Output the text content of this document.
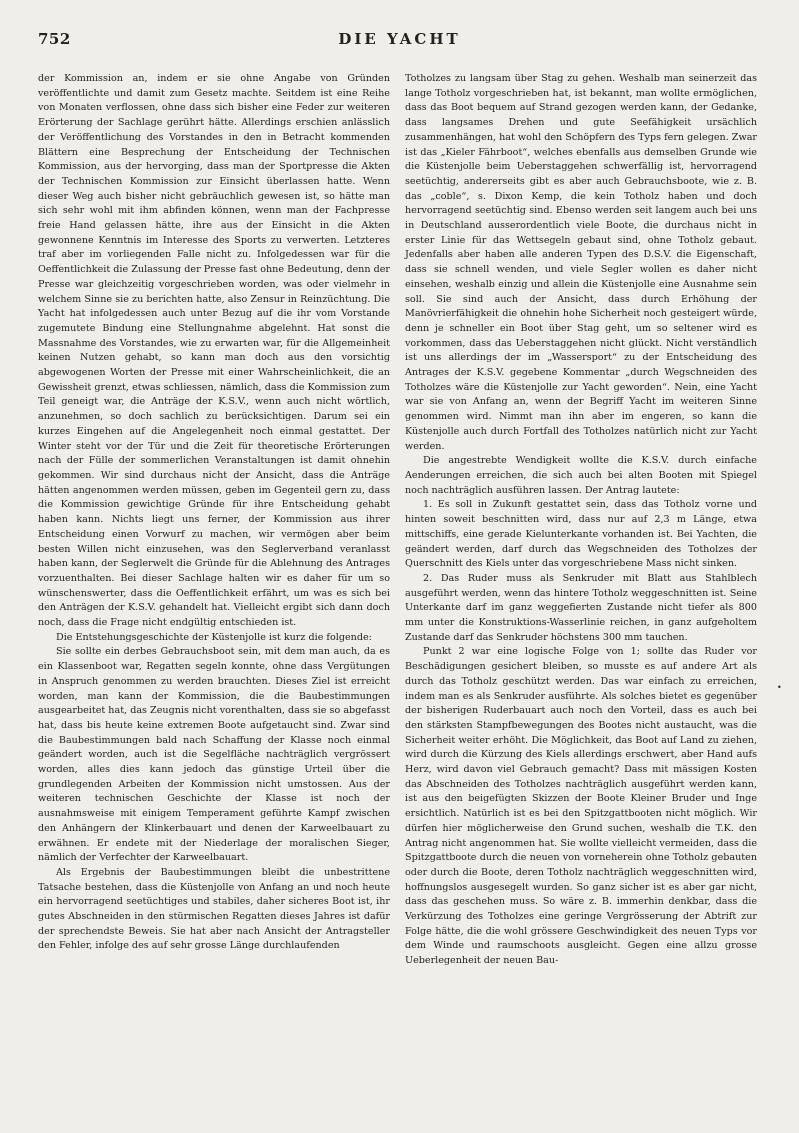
752	DIE YACHT

der Kommission an, indem er sie ohne Angabe von Gründen veröffentlichte und damit zum Gesetz machte. Seitdem ist eine Reihe von Monaten verflossen, ohne dass sich bisher eine Feder zur weiteren Erörterung der Sachlage gerührt hätte. Allerdings erschien anlässlich der Veröffentlichung des Vorstandes in den in Betracht kommenden Blättern eine Besprechung der Entscheidung der Technischen Kommission, aus der hervorging, dass man der Sportpresse die Akten der Technischen Kommission zur Einsicht überlassen hatte. Wenn dieser Weg auch bisher nicht gebräuchlich gewesen ist, so hätte man sich sehr wohl mit ihm abfinden können, wenn man der Fachpresse freie Hand gelassen hätte, ihre aus der Einsicht in die Akten gewonnene Kenntnis im Interesse des Sports zu verwerten. Letzteres traf aber im vorliegenden Falle nicht zu. Infolgedessen war für die Oeffentlichkeit die Zulassung der Presse fast ohne Bedeutung, denn der Presse war gleichzeitig vorgeschrieben worden, was oder vielmehr in welchem Sinne sie zu berichten hatte, also Zensur in Reinzüchtung. Die Yacht hat infolgedessen auch unter Bezug auf die ihr vom Vorstande zugemutete Bindung eine Stellungnahme abgelehnt. Hat sonst die Massnahme des Vorstandes, wie zu erwarten war, für die Allgemeinheit keinen Nutzen gehabt, so kann man doch aus den vorsichtig abgewogenen Worten der Presse mit einer Wahrscheinlichkeit, die an Gewissheit grenzt, etwas schliessen, nämlich, dass die Kommission zum Teil geneigt war, die Anträge der K.S.V., wenn auch nicht wörtlich, anzunehmen, so doch sachlich zu berücksichtigen. Darum sei ein kurzes Eingehen auf die Angelegenheit noch einmal gestattet. Der Winter steht vor der Tür und die Zeit für theoretische Erörterungen nach der Fülle der sommerlichen Veranstaltungen ist damit ohnehin gekommen. Wir sind durchaus nicht der Ansicht, dass die Anträge hätten angenommen werden müssen, geben im Gegenteil gern zu, dass die Kommission gewichtige Gründe für ihre Entscheidung gehabt haben kann. Nichts liegt uns ferner, der Kommission aus ihrer Entscheidung einen Vorwurf zu machen, wir vermögen aber beim besten Willen nicht einzusehen, was den Seglerverband veranlasst haben kann, der Seglerwelt die Gründe für die Ablehnung des Antrages vorzuenthalten. Bei dieser Sachlage halten wir es daher für um so wünschenswerter, dass die Oeffentlichkeit erfährt, um was es sich bei den Anträgen der K.S.V. gehandelt hat. Vielleicht ergibt sich dann doch noch, dass die Frage nicht endgültig entschieden ist.

Die Entstehungsgeschichte der Küstenjolle ist kurz die folgende:

Sie sollte ein derbes Gebrauchsboot sein, mit dem man auch, da es ein Klassenboot war, Regatten segeln konnte, ohne dass Vergütungen in Anspruch genommen zu werden brauchten. Dieses Ziel ist erreicht worden, man kann der Kommission, die die Baubestimmungen ausgearbeitet hat, das Zeugnis nicht vorenthalten, dass sie so abgefasst hat, dass bis heute keine extremen Boote aufgetaucht sind. Zwar sind die Baubestimmungen bald nach Schaffung der Klasse noch einmal geändert worden, auch ist die Segelfläche nachträglich vergrössert worden, alles dies kann jedoch das günstige Urteil über die grundlegenden Arbeiten der Kommission nicht umstossen. Aus der weiteren technischen Geschichte der Klasse ist noch der ausnahmsweise mit einigem Temperament geführte Kampf zwischen den Anhängern der Klinkerbauart und denen der Karweelbauart zu erwähnen. Er endete mit der Niederlage der moralischen Sieger, nämlich der Verfechter der Karweelbauart.

Als Ergebnis der Baubestimmungen bleibt die unbestrittene Tatsache bestehen, dass die Küstenjolle von Anfang an und noch heute ein hervorragend seetüchtiges und stabiles, daher sicheres Boot ist, ihr gutes Abschneiden in den stürmischen Regatten dieses Jahres ist dafür der sprechendste Beweis. Sie hat aber nach Ansicht der Antragsteller den Fehler, infolge des auf sehr grosse Länge durchlaufenden

Totholzes zu langsam über Stag zu gehen. Weshalb man seinerzeit das lange Totholz vorgeschrieben hat, ist bekannt, man wollte ermöglichen, dass das Boot bequem auf Strand gezogen werden kann, der Gedanke, dass langsames Drehen und gute Seefähigkeit ursächlich zusammenhängen, hat wohl den Schöpfern des Typs fern gelegen. Zwar ist das „Kieler Fährboot“, welches ebenfalls aus demselben Grunde wie die Küstenjolle beim Ueberstaggehen schwerfällig ist, hervorragend seetüchtig, andererseits gibt es aber auch Gebrauchsboote, wie z. B. das „coble“, s. Dixon Kemp, die kein Totholz haben und doch hervorragend seetüchtig sind. Ebenso werden seit langem auch bei uns in Deutschland ausserordentlich viele Boote, die durchaus nicht in erster Linie für das Wettsegeln gebaut sind, ohne Totholz gebaut. Jedenfalls aber haben alle anderen Typen des D.S.V. die Eigenschaft, dass sie schnell wenden, und viele Segler wollen es daher nicht einsehen, weshalb einzig und allein die Küstenjolle eine Ausnahme sein soll. Sie sind auch der Ansicht, dass durch Erhöhung der Manövrierfähigkeit die ohnehin hohe Sicherheit noch gesteigert würde, denn je schneller ein Boot über Stag geht, um so seltener wird es vorkommen, dass das Ueberstaggehen nicht glückt. Nicht verständlich ist uns allerdings der im „Wassersport“ zu der Entscheidung des Antrages der K.S.V. gegebene Kommentar „durch Wegschneiden des Totholzes wäre die Küstenjolle zur Yacht geworden“. Nein, eine Yacht war sie von Anfang an, wenn der Begriff Yacht im weiteren Sinne genommen wird. Nimmt man ihn aber im engeren, so kann die Küstenjolle auch durch Fortfall des Totholzes natürlich nicht zur Yacht werden.

Die angestrebte Wendigkeit wollte die K.S.V. durch einfache Aenderungen erreichen, die sich auch bei alten Booten mit Spiegel noch nachträglich ausführen lassen. Der Antrag lautete:

1. Es soll in Zukunft gestattet sein, dass das Totholz vorne und hinten soweit beschnitten wird, dass nur auf 2,3 m Länge, etwa mittschiffs, eine gerade Kielunterkante vorhanden ist. Bei Yachten, die geändert werden, darf durch das Wegschneiden des Totholzes der Querschnitt des Kiels unter das vorgeschriebene Mass nicht sinken.

2. Das Ruder muss als Senkruder mit Blatt aus Stahlblech ausgeführt werden, wenn das hintere Totholz weggeschnitten ist. Seine Unterkante darf im ganz weggefierten Zustande nicht tiefer als 800 mm unter die Konstruktions-Wasserlinie reichen, in ganz aufgeholtem Zustande darf das Senkruder höchstens 300 mm tauchen.

Punkt 2 war eine logische Folge von 1; sollte das Ruder vor Beschädigungen gesichert bleiben, so musste es auf andere Art als durch das Totholz geschützt werden. Das war einfach zu erreichen, indem man es als Senkruder ausführte. Als solches bietet es gegenüber der bisherigen Ruderbauart auch noch den Vorteil, dass es auch bei den stärksten Stampfbewegungen des Bootes nicht austaucht, was die Sicherheit weiter erhöht. Die Möglichkeit, das Boot auf Land zu ziehen, wird durch die Kürzung des Kiels allerdings erschwert, aber Hand aufs Herz, wird davon viel Gebrauch gemacht? Dass mit mässigen Kosten das Abschneiden des Totholzes nachträglich ausgeführt werden kann, ist aus den beigefügten Skizzen der Boote Kleiner Bruder und Inge ersichtlich. Natürlich ist es bei den Spitzgattbooten nicht möglich. Wir dürfen hier möglicherweise den Grund suchen, weshalb die T.K. den Antrag nicht angenommen hat. Sie wollte vielleicht vermeiden, dass die Spitzgattboote durch die neuen von vorneherein ohne Totholz gebauten oder durch die Boote, deren Totholz nachträglich weggeschnitten wird, hoffnungslos ausgesegelt wurden. So ganz sicher ist es aber gar nicht, dass das geschehen muss. So wäre z. B. immerhin denkbar, dass die Verkürzung des Totholzes eine geringe Vergrösserung der Abtrift zur Folge hätte, die die wohl grössere Geschwindigkeit des neuen Typs vor dem Winde und raumschoots ausgleicht. Gegen eine allzu grosse Ueberlegenheit der neuen Bau-

•
